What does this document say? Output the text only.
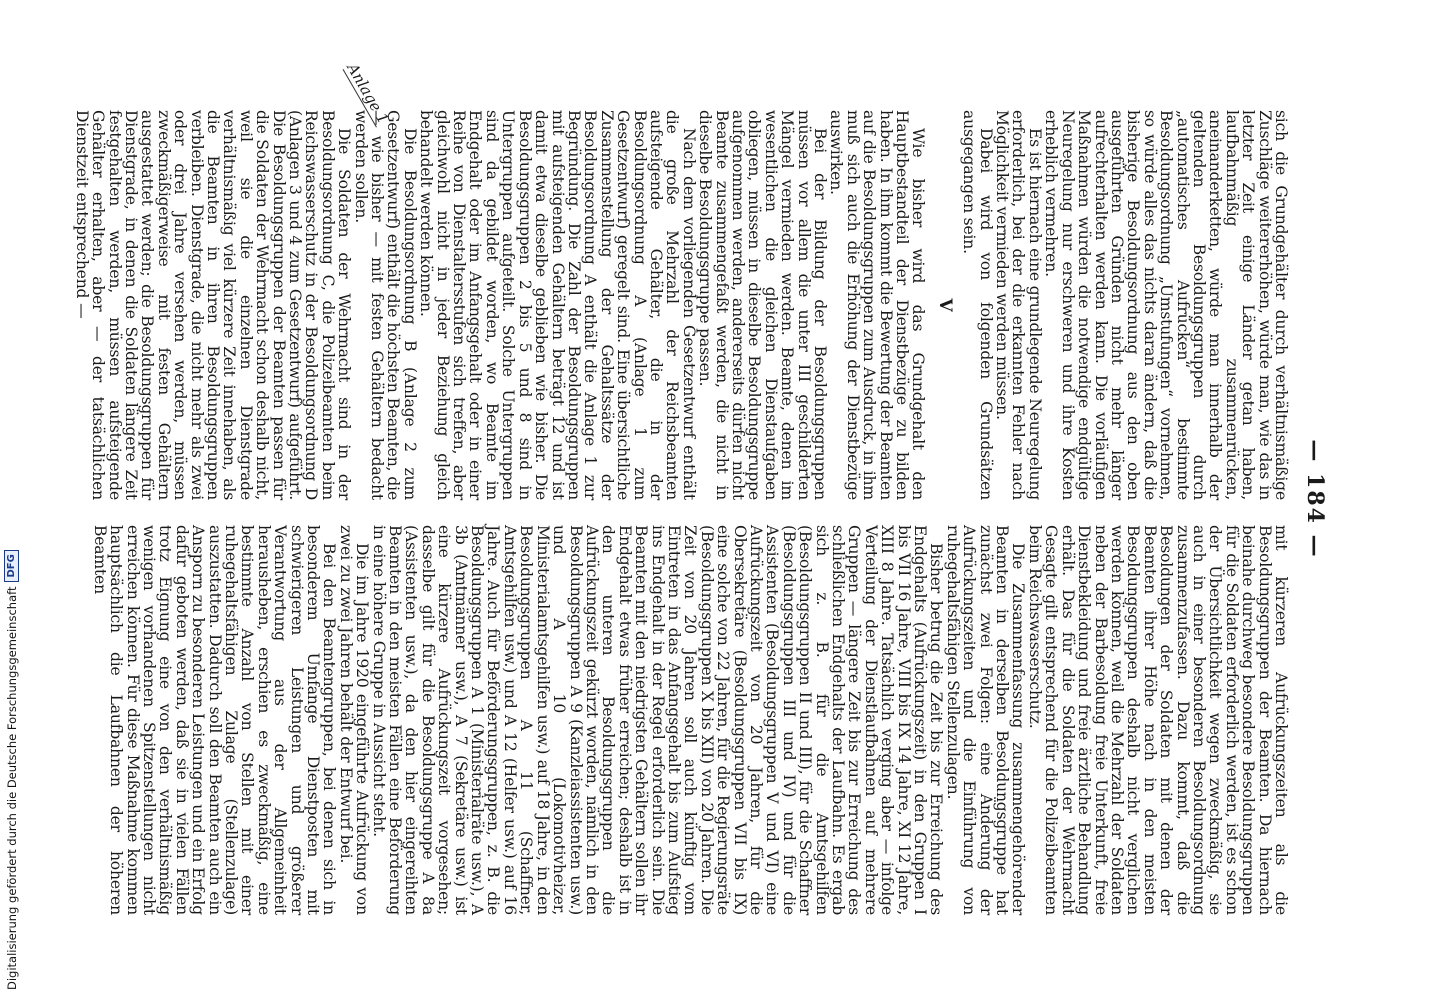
— 184 —
Anlage 1

sich die Grundgehälter durch verhältnismäßige Zuschläge weitererhöhen, würde man, wie das in letzter Zeit einige Länder getan haben, laufbahnmäßig zusammenrücken, aneinanderketten, würde man innerhalb der geltenden Besoldungsgruppen durch „automatisches Aufrücken“ bestimmte Besoldungsordnung „Umstufungen“ vornehmen, so würde alles das nichts daran ändern, daß die bisherige Besoldungsordnung aus den oben ausgeführten Gründen nicht mehr länger aufrechterhalten werden kann. Die vorläufigen Maßnahmen würden die notwendige endgültige Neuregelung nur erschweren und ihre Kosten erheblich vermehren.

Es ist hiernach eine grundlegende Neuregelung erforderlich, bei der die erkannten Fehler nach Möglichkeit vermieden werden müssen.

Dabei wird von folgenden Grundsätzen ausgegangen sein.

V

Wie bisher wird das Grundgehalt den Hauptbestandteil der Dienstbezüge zu bilden haben. In ihm kommt die Bewertung der Beamten auf die Besoldungsgruppen zum Ausdruck, in ihm muß sich auch die Erhöhung der Dienstbezüge auswirken.

Bei der Bildung der Besoldungsgruppen müssen vor allem die unter III geschilderten Mängel vermieden werden. Beamte, denen im wesentlichen die gleichen Dienstaufgaben obliegen, müssen in dieselbe Besoldungsgruppe aufgenommen werden, andererseits dürfen nicht Beamte zusammengefaßt werden, die nicht in dieselbe Besoldungsgruppe passen.

Nach dem vorliegenden Gesetzentwurf enthält die große Mehrzahl der Reichsbeamten aufsteigende Gehälter, die in der Besoldungsordnung A (Anlage 1 zum Gesetzentwurf) geregelt sind. Eine übersichtliche Zusammenstellung der Gehaltssätze der Besoldungsordnung A enthält die Anlage 1 zur Begründung. Die Zahl der Besoldungsgruppen mit aufsteigenden Gehältern beträgt 12 und ist damit etwa dieselbe geblieben wie bisher. Die Besoldungsgruppen 2 bis 5 und 8 sind in Untergruppen aufgeteilt. Solche Untergruppen sind da gebildet worden, wo Beamte im Endgehalt oder im Anfangsgehalt oder in einer Reihe von Dienstaltersstufen sich treffen, aber gleichwohl nicht in jeder Beziehung gleich behandelt werden können.

Die Besoldungsordnung B (Anlage 2 zum Gesetzentwurf) enthält die höchsten Beamten, die — wie bisher — mit festen Gehältern bedacht werden sollen.

Die Soldaten der Wehrmacht sind in der Besoldungsordnung C, die Polizeibeamten beim Reichswasserschutz in der Besoldungsordnung D (Anlagen 3 und 4 zum Gesetzentwurf) aufgeführt. Die Besoldungsgruppen der Beamten passen für die Soldaten der Wehrmacht schon deshalb nicht, weil sie die einzelnen Dienstgrade verhältnismäßig viel kürzere Zeit innehaben, als die Beamten in ihren Besoldungsgruppen verbleiben. Dienstgrade, die nicht mehr als zwei oder drei Jahre versehen werden, müssen zweckmäßigerweise mit festen Gehältern ausgestattet werden; die Besoldungsgruppen für Dienstgrade, in denen die Soldaten längere Zeit festgehalten werden, müssen aufsteigende Gehälter erhalten, aber — der tatsächlichen Dienstzeit entsprechend —

mit kürzeren Aufrückungszeiten als die Besoldungsgruppen der Beamten. Da hiernach beinahe durchweg besondere Besoldungsgruppen für die Soldaten erforderlich werden, ist es schon der Übersichtlichkeit wegen zweckmäßig, sie auch in einer besonderen Besoldungsordnung zusammenzufassen. Dazu kommt, daß die Besoldungen der Soldaten mit denen der Beamten ihrer Höhe nach in den meisten Besoldungsgruppen deshalb nicht verglichen werden können, weil die Mehrzahl der Soldaten neben der Barbesoldung freie Unterkunft, freie Dienstbekleidung und freie ärztliche Behandlung erhält. Das für die Soldaten der Wehrmacht Gesagte gilt entsprechend für die Polizeibeamten beim Reichswasserschutz.

Die Zusammenfassung zusammengehörender Beamten in derselben Besoldungsgruppe hat zunächst zwei Folgen: eine Änderung der Aufrückungszeiten und die Einführung von ruhegehaltsfähigen Stellenzulagen.

Bisher betrug die Zeit bis zur Erreichung des Endgehalts (Aufrückungszeit) in den Gruppen I bis VII 16 Jahre, VIII bis IX 14 Jahre, XI 12 Jahre, XIII 8 Jahre. Tatsächlich verging aber — infolge Verteilung der Dienstlaufbahnen auf mehrere Gruppen — längere Zeit bis zur Erreichung des schließlichen Endgehalts der Laufbahn. Es ergab sich z. B. für die Amtsgehilfen (Besoldungsgruppen II und III), für die Schaffner (Besoldungsgruppen III und IV) und für die Assistenten (Besoldungsgruppen V und VI) eine Aufrückungszeit von 20 Jahren, für die Obersekretäre (Besoldungsgruppen VII bis IX) eine solche von 22 Jahren, für die Regierungsräte (Besoldungsgruppen X bis XII) von 20 Jahren. Die Zeit von 20 Jahren soll auch künftig vom Eintreten in das Anfangsgehalt bis zum Aufstieg ins Endgehalt in der Regel erforderlich sein. Die Beamten mit den niedrigsten Gehältern sollen ihr Endgehalt etwas früher erreichen; deshalb ist in den unteren Besoldungsgruppen die Aufrückungszeit gekürzt worden, nämlich in den Besoldungsgruppen A 9 (Kanzleiassistenten usw.) und A 10 (Lokomotivheizer, Ministerialamtsgehilfen usw.) auf 18 Jahre, in den Besoldungsgruppen A 11 (Schaffner, Amtsgehilfen usw.) und A 12 (Helfer usw.) auf 16 Jahre. Auch für Beförderungsgruppen, z. B. die Besoldungsgruppen A 1 (Ministerialräte usw.), A 3b (Amtmänner usw.), A 7 (Sekretäre usw.) ist eine kürzere Aufrückungszeit vorgesehen; dasselbe gilt für die Besoldungsgruppe A 8a (Assistenten usw.), da den hier eingereihten Beamten in den meisten Fällen eine Beförderung in eine höhere Gruppe in Aussicht steht.

Die im Jahre 1920 eingeführte Aufrückung von zwei zu zwei Jahren behält der Entwurf bei.

Bei den Beamtengruppen, bei denen sich in besonderem Umfange Dienstposten mit schwierigeren Leistungen und größerer Verantwortung aus der Allgemeinheit herausheben, erschien es zweckmäßig, eine bestimmte Anzahl von Stellen mit einer ruhegehaltsfähigen Zulage (Stellenzulage) auszustatten. Dadurch soll den Beamten auch ein Ansporn zu besonderen Leistungen und ein Erfolg dafür geboten werden, daß sie in vielen Fällen trotz Eignung eine von den verhältnismäßig wenigen vorhandenen Spitzenstellungen nicht erreichen können. Für diese Maßnahme kommen hauptsächlich die Laufbahnen der höheren Beamten

Digitalisierung gefördert durch die Deutsche Forschungsgemeinschaft
DFG
